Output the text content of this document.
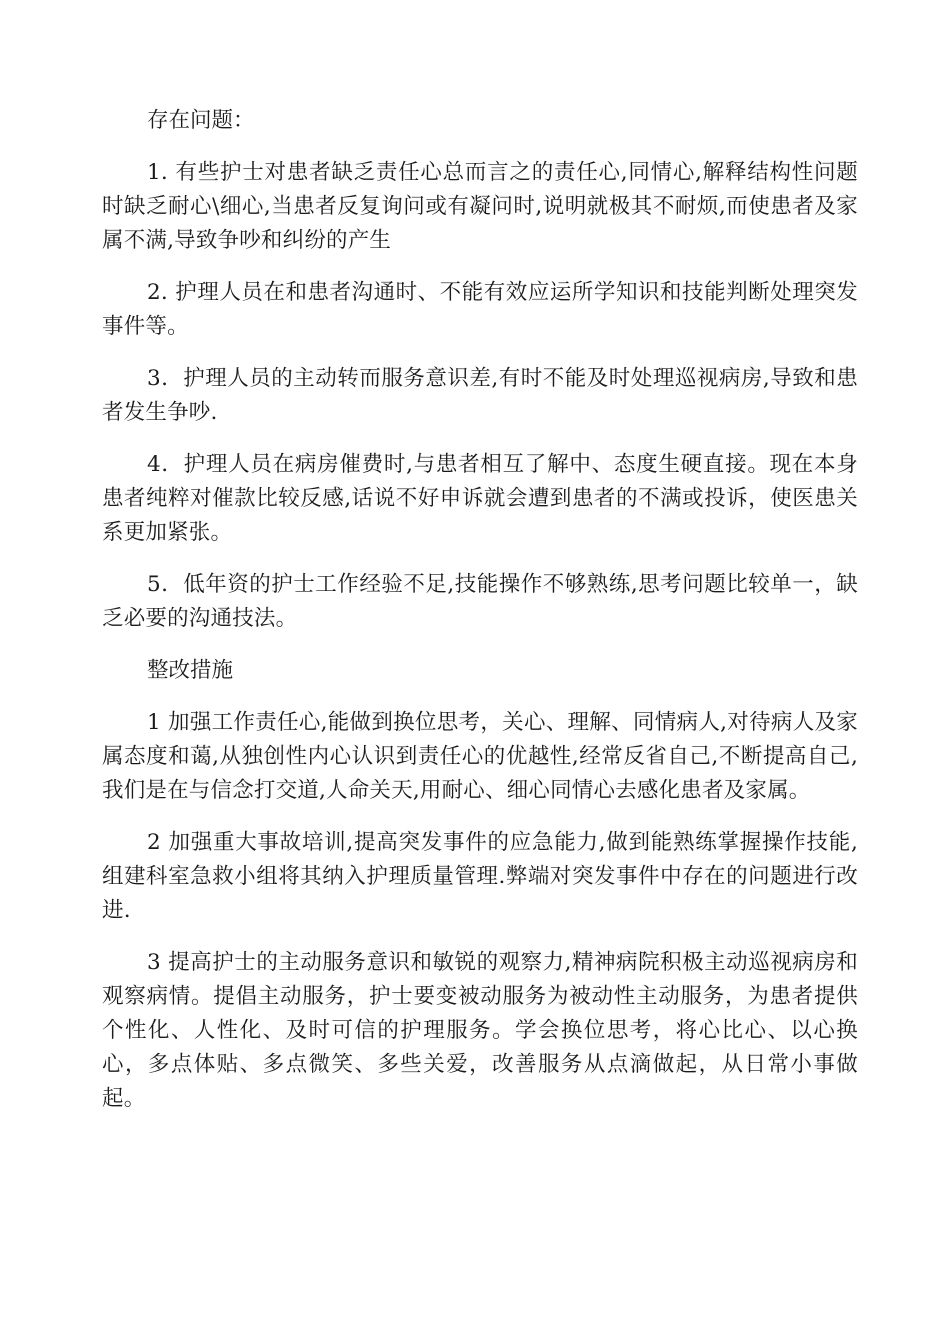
存在问题：

1. 有些护士对患者缺乏责任心总而言之的责任心,同情心,解释结构性问题时缺乏耐心\细心,当患者反复询问或有凝问时,说明就极其不耐烦,而使患者及家属不满,导致争吵和纠纷的产生

2. 护理人员在和患者沟通时、不能有效应运所学知识和技能判断处理突发事件等。

3．护理人员的主动转而服务意识差,有时不能及时处理巡视病房,导致和患者发生争吵.

4．护理人员在病房催费时,与患者相互了解中、态度生硬直接。现在本身患者纯粹对催款比较反感,话说不好申诉就会遭到患者的不满或投诉，使医患关系更加紧张。

5．低年资的护士工作经验不足,技能操作不够熟练,思考问题比较单一，缺乏必要的沟通技法。

整改措施

1 加强工作责任心,能做到换位思考，关心、理解、同情病人,对待病人及家属态度和蔼,从独创性内心认识到责任心的优越性,经常反省自己,不断提高自己,我们是在与信念打交道,人命关天,用耐心、细心同情心去感化患者及家属。

2 加强重大事故培训,提高突发事件的应急能力,做到能熟练掌握操作技能,组建科室急救小组将其纳入护理质量管理.弊端对突发事件中存在的问题进行改进.

3 提高护士的主动服务意识和敏锐的观察力,精神病院积极主动巡视病房和观察病情。提倡主动服务，护士要变被动服务为被动性主动服务，为患者提供个性化、人性化、及时可信的护理服务。学会换位思考，将心比心、以心换心，多点体贴、多点微笑、多些关爱，改善服务从点滴做起，从日常小事做起。
